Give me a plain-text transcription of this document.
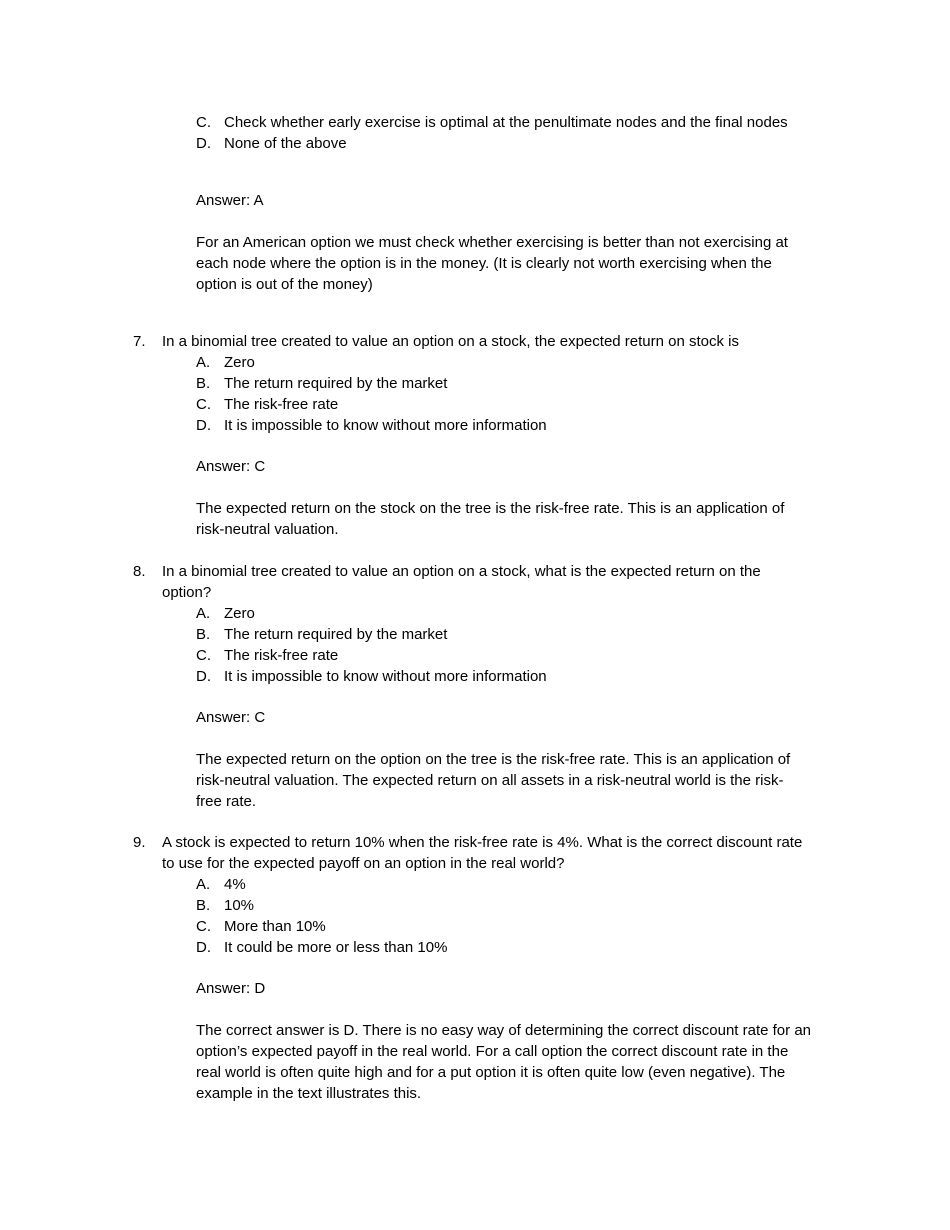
C. Check whether early exercise is optimal at the penultimate nodes and the final nodes
D. None of the above
Answer: A
For an American option we must check whether exercising is better than not exercising at
each node where the option is in the money. (It is clearly not worth exercising when the
option is out of the money)
7. In a binomial tree created to value an option on a stock, the expected return on stock is
A. Zero
B. The return required by the market
C. The risk-free rate
D. It is impossible to know without more information
Answer: C
The expected return on the stock on the tree is the risk-free rate. This is an application of
risk-neutral valuation.
8. In a binomial tree created to value an option on a stock, what is the expected return on the
option?
A. Zero
B. The return required by the market
C. The risk-free rate
D. It is impossible to know without more information
Answer: C
The expected return on the option on the tree is the risk-free rate. This is an application of
risk-neutral valuation. The expected return on all assets in a risk-neutral world is the risk-
free rate.
9. A stock is expected to return 10% when the risk-free rate is 4%. What is the correct discount rate
to use for the expected payoff on an option in the real world?
A. 4%
B. 10%
C. More than 10%
D. It could be more or less than 10%
Answer: D
The correct answer is D. There is no easy way of determining the correct discount rate for an
option’s expected payoff in the real world. For a call option the correct discount rate in the
real world is often quite high and for a put option it is often quite low (even negative). The
example in the text illustrates this.
